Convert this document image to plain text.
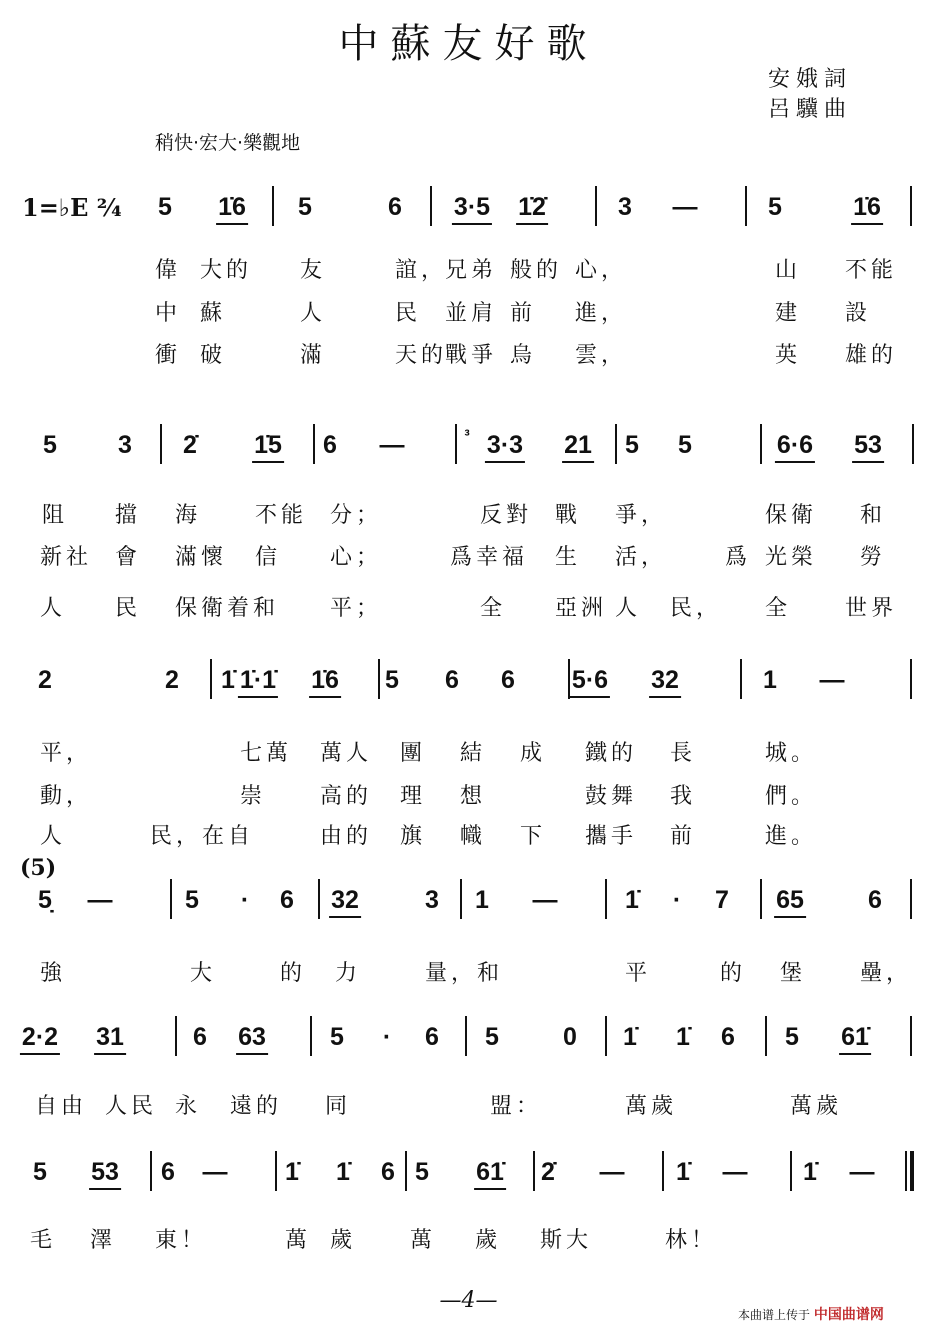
中蘇友好歌
安娥詞
呂驥曲
稍快·宏大·樂觀地
1=♭E ²⁄₄
(5)
5 1̇6 5	6 3·5 1̇2̇	3 —	5	1̇6
偉 大的 友	誼，
兄弟 般的 心，	山 不能
中 蘇	人	民 並肩 前 進，	建 設
衝 破	滿	天的
戰爭 烏 雲，	英 雄的
5 3 2̇ 1̇5 6 —	³ 3·3 21 5 5	6·6 53
阻 擋 海 不能 分；	反對 戰 爭，	保衛 和
新社 會 滿懷 信 心；	爲幸福 生 活，	爲 光榮 勞
人 民 保衛着和 平；	全 亞洲 人 民， 全 世界
2	2 1̇ 1̇·1̇ 1̇6 5 6 6 5·6 32	1 —
平，	七萬 萬人 團 結 成 鐵的 長	城。
動，	崇 高的 理 想	鼓舞 我	們。
人	民，在自	由的 旗 幟 下 攜手 前	進。
5̣ —	5 · 6 32	3 1 —	1̇ · 7 65	6
強	大	的 力	量，和	平	的 堡 壘，
2·2 31	6 63	5 · 6 5	0 1̇ 1̇ 6 5 61̇
自由 人民 永 遠的 同	盟：	萬歲	萬歲
5 53 6 — 1̇ 1̇ 6 5 61̇ 2̇ — 1̇ — 1̇ —
毛 澤 東！	萬 歲 萬 歲 斯大	林！
—4—
本曲谱上传于 中国曲谱网
